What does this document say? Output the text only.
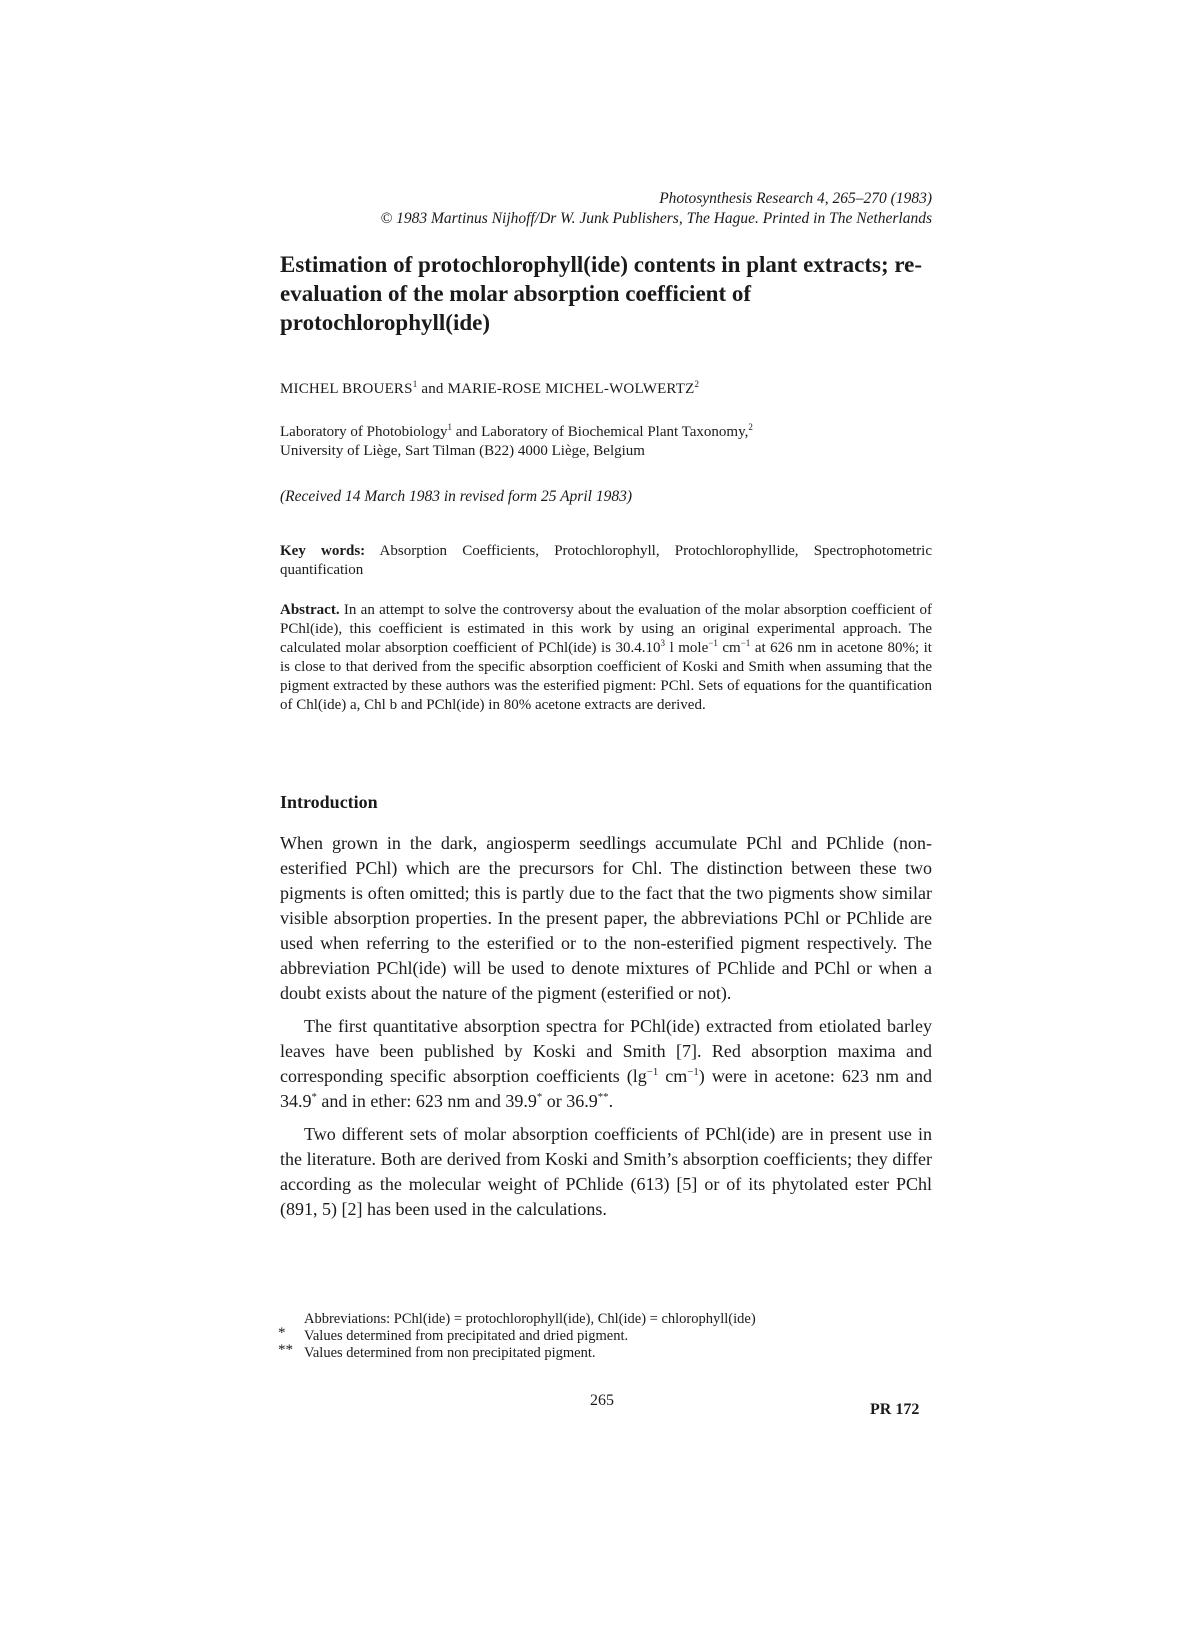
Photosynthesis Research 4, 265–270 (1983)
© 1983 Martinus Nijhoff/Dr W. Junk Publishers, The Hague. Printed in The Netherlands
Estimation of protochlorophyll(ide) contents in plant extracts; re-evaluation of the molar absorption coefficient of protochlorophyll(ide)
MICHEL BROUERS$^1$ and MARIE-ROSE MICHEL-WOLWERTZ$^2$
Laboratory of Photobiology$^1$ and Laboratory of Biochemical Plant Taxonomy,$^2$
University of Liège, Sart Tilman (B22) 4000 Liège, Belgium
(Received 14 March 1983 in revised form 25 April 1983)
Key words: Absorption Coefficients, Protochlorophyll, Protochlorophyllide, Spectrophotometric quantification
Abstract. In an attempt to solve the controversy about the evaluation of the molar absorption coefficient of PChl(ide), this coefficient is estimated in this work by using an original experimental approach. The calculated molar absorption coefficient of PChl(ide) is 30.4.10$^3$ l mole$^{-1}$ $cm^{-1}$ at 626 nm in acetone 80%; it is close to that derived from the specific absorption coefficient of Koski and Smith when assuming that the pigment extracted by these authors was the esterified pigment: PChl. Sets of equations for the quantification of Chl(ide) a, Chl b and PChl(ide) in 80% acetone extracts are derived.
Introduction

When grown in the dark, angiosperm seedlings accumulate PChl and PChlide (non-esterified PChl) which are the precursors for Chl. The distinction between these two pigments is often omitted; this is partly due to the fact that the two pigments show similar visible absorption properties. In the present paper, the abbreviations PChl or PChlide are used when referring to the esterified or to the non-esterified pigment respectively. The abbreviation PChl(ide) will be used to denote mixtures of PChlide and PChl or when a doubt exists about the nature of the pigment (esterified or not).

The first quantitative absorption spectra for PChl(ide) extracted from etiolated barley leaves have been published by Koski and Smith [7]. Red absorption maxima and corresponding specific absorption coefficients ($\lg^{-1}$ $cm^{-1}$) were in acetone: 623 nm and 34.9* and in ether: 623 nm and 39.9* or 36.9**.

Two different sets of molar absorption coefficients of PChl(ide) are in present use in the literature. Both are derived from Koski and Smith’s absorption coefficients; they differ according as the molecular weight of PChlide (613) [5] or of its phytolated ester PChl (891, 5) [2] has been used in the calculations.

Abbreviations: PChl(ide) = protochlorophyll(ide), Chl(ide) = chlorophyll(ide)
* Values determined from precipitated and dried pigment.
** Values determined from non precipitated pigment.
265
PR 172
